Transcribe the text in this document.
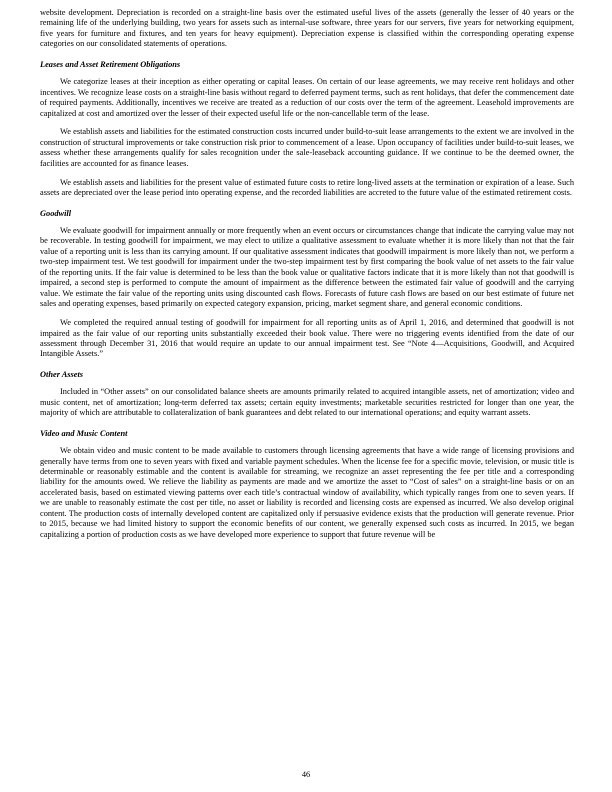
website development. Depreciation is recorded on a straight-line basis over the estimated useful lives of the assets (generally the lesser of 40 years or the remaining life of the underlying building, two years for assets such as internal-use software, three years for our servers, five years for networking equipment, five years for furniture and fixtures, and ten years for heavy equipment). Depreciation expense is classified within the corresponding operating expense categories on our consolidated statements of operations.

Leases and Asset Retirement Obligations

We categorize leases at their inception as either operating or capital leases. On certain of our lease agreements, we may receive rent holidays and other incentives. We recognize lease costs on a straight-line basis without regard to deferred payment terms, such as rent holidays, that defer the commencement date of required payments. Additionally, incentives we receive are treated as a reduction of our costs over the term of the agreement. Leasehold improvements are capitalized at cost and amortized over the lesser of their expected useful life or the non-cancellable term of the lease.

We establish assets and liabilities for the estimated construction costs incurred under build-to-suit lease arrangements to the extent we are involved in the construction of structural improvements or take construction risk prior to commencement of a lease. Upon occupancy of facilities under build-to-suit leases, we assess whether these arrangements qualify for sales recognition under the sale-leaseback accounting guidance. If we continue to be the deemed owner, the facilities are accounted for as finance leases.

We establish assets and liabilities for the present value of estimated future costs to retire long-lived assets at the termination or expiration of a lease. Such assets are depreciated over the lease period into operating expense, and the recorded liabilities are accreted to the future value of the estimated retirement costs.

Goodwill

We evaluate goodwill for impairment annually or more frequently when an event occurs or circumstances change that indicate the carrying value may not be recoverable. In testing goodwill for impairment, we may elect to utilize a qualitative assessment to evaluate whether it is more likely than not that the fair value of a reporting unit is less than its carrying amount. If our qualitative assessment indicates that goodwill impairment is more likely than not, we perform a two-step impairment test. We test goodwill for impairment under the two-step impairment test by first comparing the book value of net assets to the fair value of the reporting units. If the fair value is determined to be less than the book value or qualitative factors indicate that it is more likely than not that goodwill is impaired, a second step is performed to compute the amount of impairment as the difference between the estimated fair value of goodwill and the carrying value. We estimate the fair value of the reporting units using discounted cash flows. Forecasts of future cash flows are based on our best estimate of future net sales and operating expenses, based primarily on expected category expansion, pricing, market segment share, and general economic conditions.

We completed the required annual testing of goodwill for impairment for all reporting units as of April 1, 2016, and determined that goodwill is not impaired as the fair value of our reporting units substantially exceeded their book value. There were no triggering events identified from the date of our assessment through December 31, 2016 that would require an update to our annual impairment test. See “Note 4—Acquisitions, Goodwill, and Acquired Intangible Assets.”

Other Assets

Included in “Other assets” on our consolidated balance sheets are amounts primarily related to acquired intangible assets, net of amortization; video and music content, net of amortization; long-term deferred tax assets; certain equity investments; marketable securities restricted for longer than one year, the majority of which are attributable to collateralization of bank guarantees and debt related to our international operations; and equity warrant assets.

Video and Music Content

We obtain video and music content to be made available to customers through licensing agreements that have a wide range of licensing provisions and generally have terms from one to seven years with fixed and variable payment schedules. When the license fee for a specific movie, television, or music title is determinable or reasonably estimable and the content is available for streaming, we recognize an asset representing the fee per title and a corresponding liability for the amounts owed. We relieve the liability as payments are made and we amortize the asset to “Cost of sales” on a straight-line basis or on an accelerated basis, based on estimated viewing patterns over each title’s contractual window of availability, which typically ranges from one to seven years. If we are unable to reasonably estimate the cost per title, no asset or liability is recorded and licensing costs are expensed as incurred. We also develop original content. The production costs of internally developed content are capitalized only if persuasive evidence exists that the production will generate revenue. Prior to 2015, because we had limited history to support the economic benefits of our content, we generally expensed such costs as incurred. In 2015, we began capitalizing a portion of production costs as we have developed more experience to support that future revenue will be

46
